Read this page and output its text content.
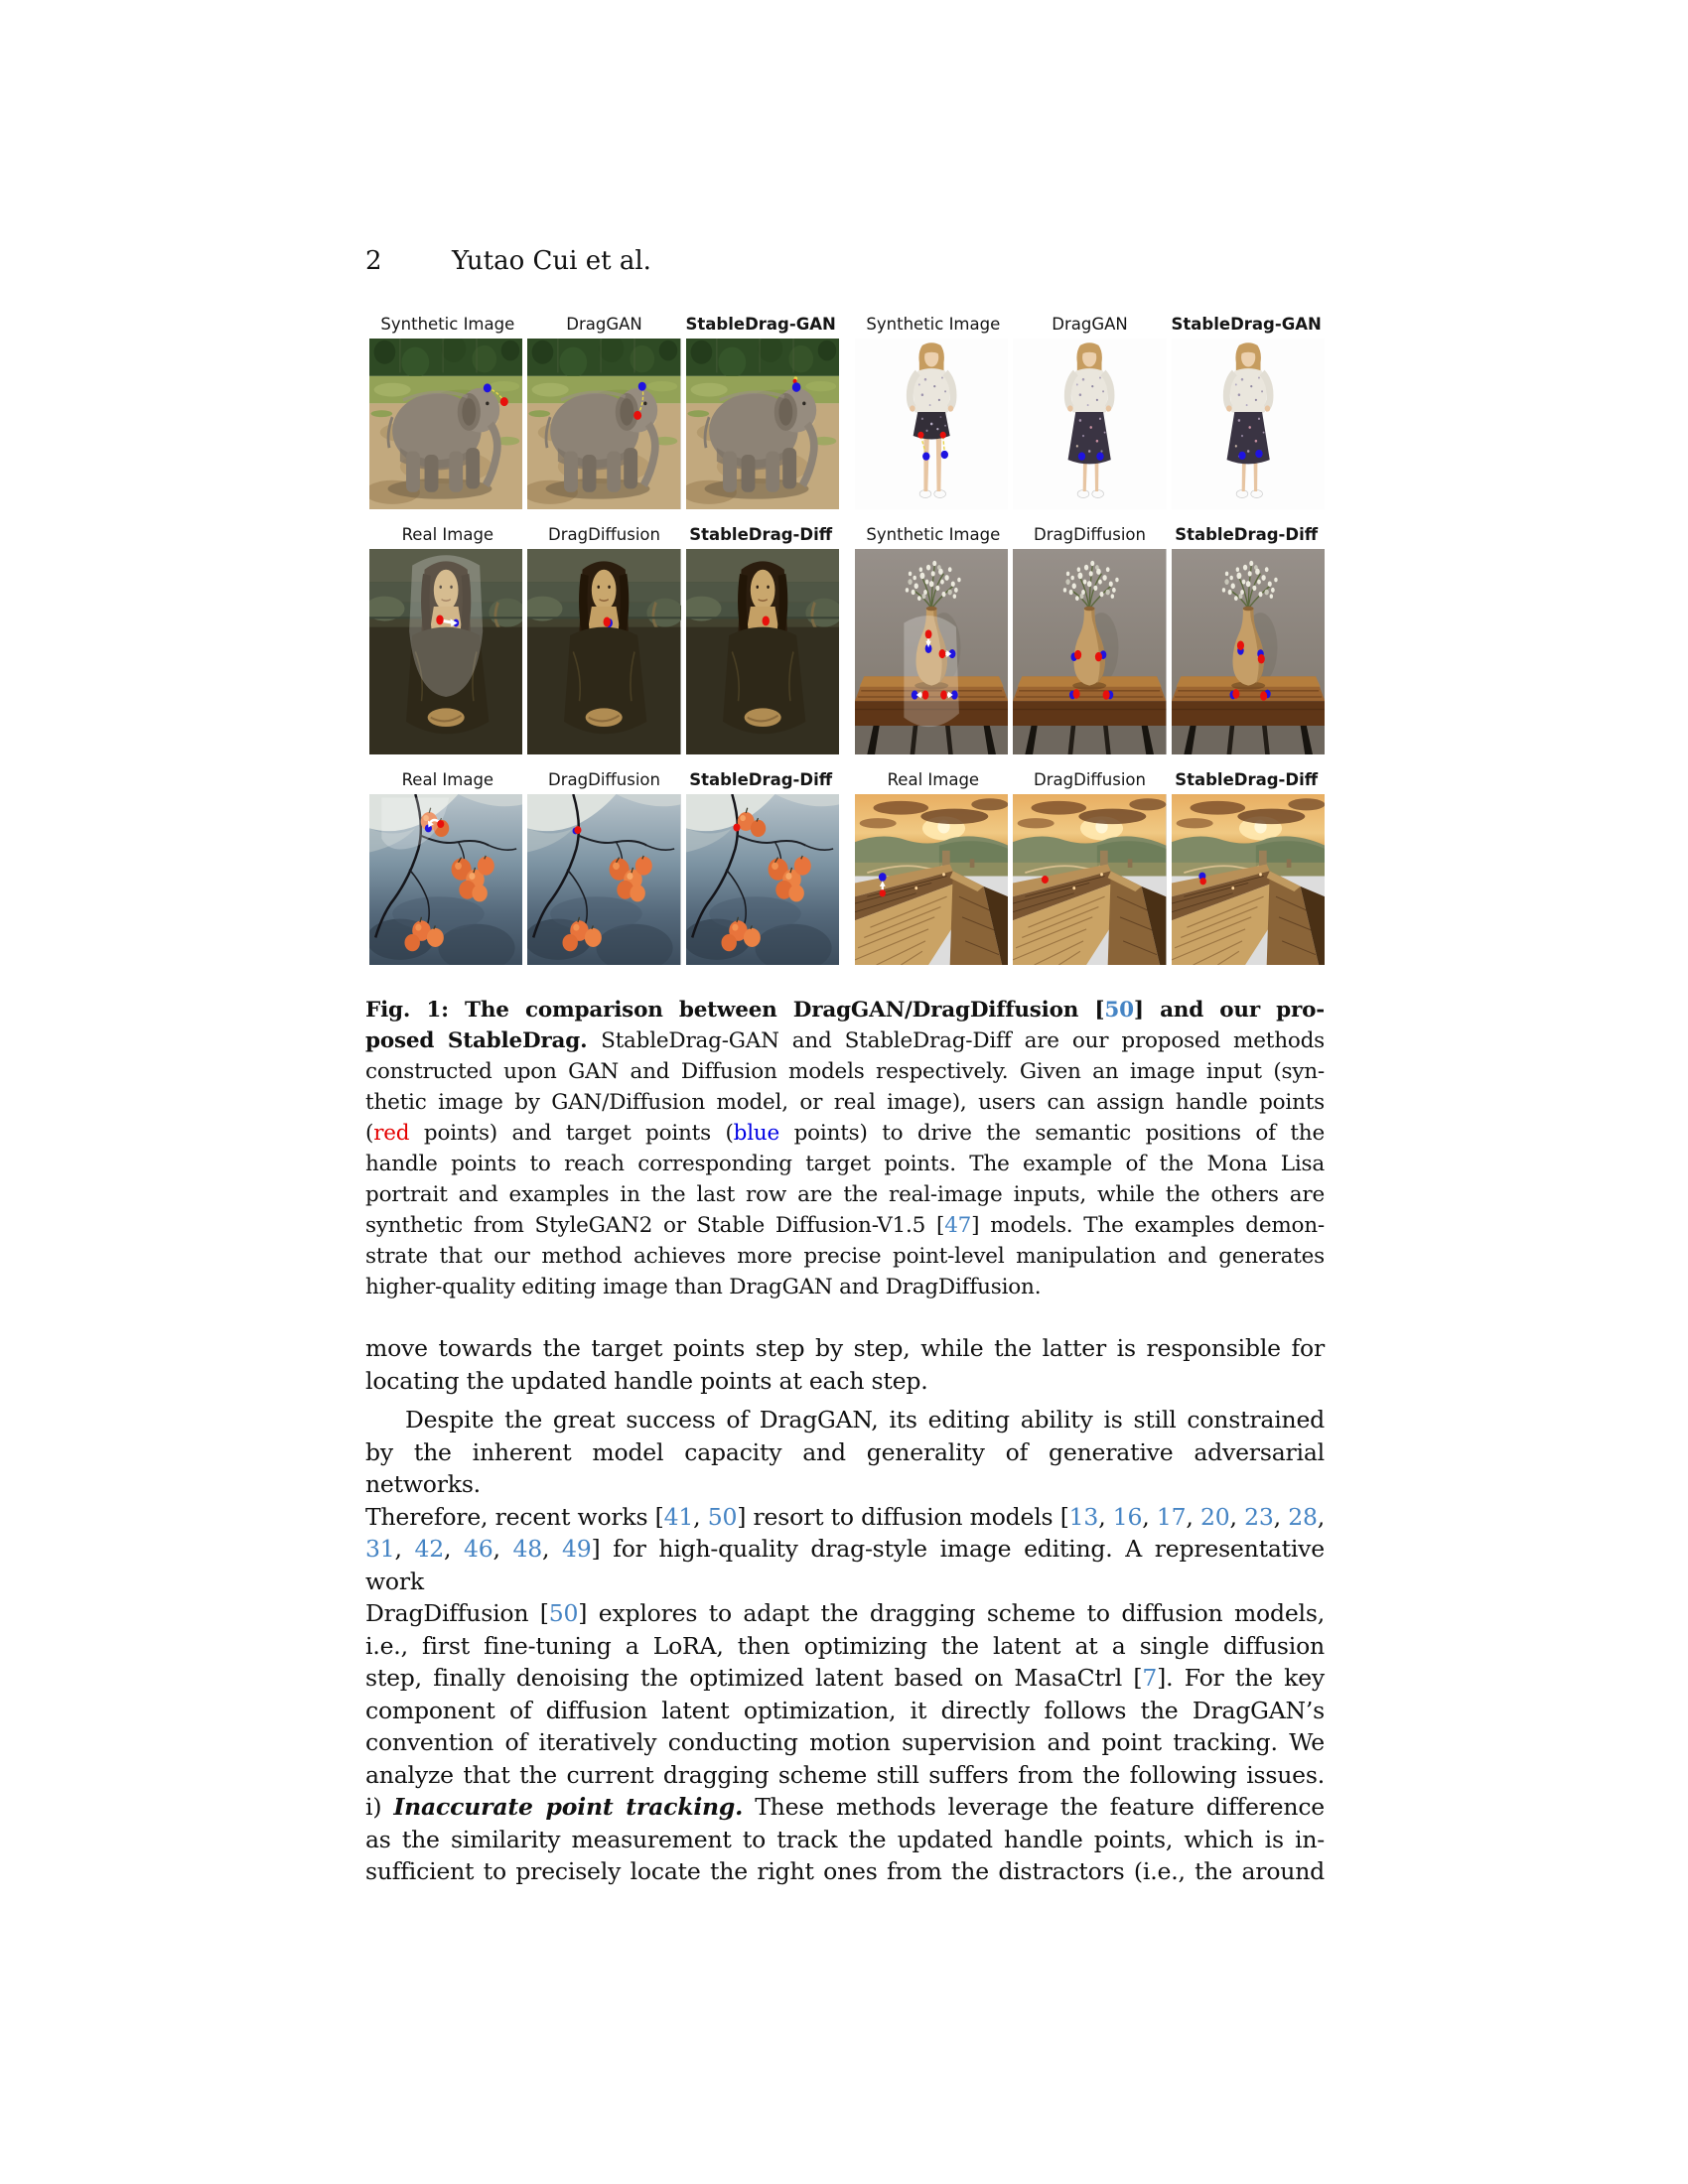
2	Yutao Cui et al.
Synthetic Image	DragGAN	StableDrag-GAN	Synthetic Image	DragGAN	StableDrag-GAN
Real Image	DragDiffusion	StableDrag-Diff	Synthetic Image	DragDiffusion	StableDrag-Diff
Real Image	DragDiffusion	StableDrag-Diff	Real Image	DragDiffusion	StableDrag-Diff
Fig. 1: The comparison between DragGAN/DragDiffusion [50] and our pro-
posed StableDrag. StableDrag-GAN and StableDrag-Diff are our proposed methods
constructed upon GAN and Diffusion models respectively. Given an image input (syn-
thetic image by GAN/Diffusion model, or real image), users can assign handle points
(red points) and target points (blue points) to drive the semantic positions of the
handle points to reach corresponding target points. The example of the Mona Lisa
portrait and examples in the last row are the real-image inputs, while the others are
synthetic from StyleGAN2 or Stable Diffusion-V1.5 [47] models. The examples demon-
strate that our method achieves more precise point-level manipulation and generates
higher-quality editing image than DragGAN and DragDiffusion.
move towards the target points step by step, while the latter is responsible for
locating the updated handle points at each step.
Despite the great success of DragGAN, its editing ability is still constrained
by the inherent model capacity and generality of generative adversarial networks.
Therefore, recent works [41, 50] resort to diffusion models [13, 16, 17, 20, 23, 28,
31, 42, 46, 48, 49] for high-quality drag-style image editing. A representative work
DragDiffusion [50] explores to adapt the dragging scheme to diffusion models,
i.e., first fine-tuning a LoRA, then optimizing the latent at a single diffusion
step, finally denoising the optimized latent based on MasaCtrl [7]. For the key
component of diffusion latent optimization, it directly follows the DragGAN’s
convention of iteratively conducting motion supervision and point tracking. We
analyze that the current dragging scheme still suffers from the following issues.
i) Inaccurate point tracking. These methods leverage the feature difference
as the similarity measurement to track the updated handle points, which is in-
sufficient to precisely locate the right ones from the distractors (i.e., the around
